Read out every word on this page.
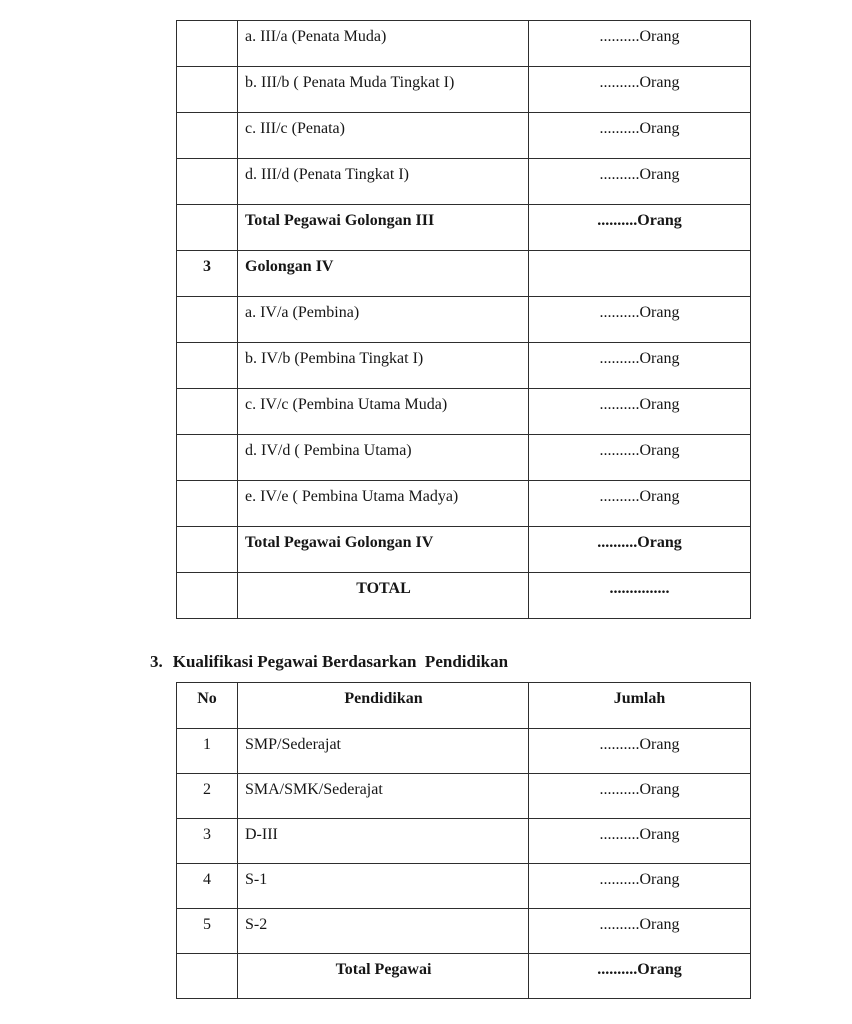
	a. III/a (Penata Muda)	..........Orang
	b. III/b ( Penata Muda Tingkat I)	..........Orang
	c. III/c (Penata)	..........Orang
	d. III/d (Penata Tingkat I)	..........Orang
	Total Pegawai Golongan III	..........Orang
3	Golongan IV	
	a. IV/a (Pembina)	..........Orang
	b. IV/b (Pembina Tingkat I)	..........Orang
	c. IV/c (Pembina Utama Muda)	..........Orang
	d. IV/d ( Pembina Utama)	..........Orang
	e. IV/e ( Pembina Utama Madya)	..........Orang
	Total Pegawai Golongan IV	..........Orang
	TOTAL	...............
3. Kualifikasi Pegawai Berdasarkan  Pendidikan
No	Pendidikan	Jumlah
1	SMP/Sederajat	..........Orang
2	SMA/SMK/Sederajat	..........Orang
3	D-III	..........Orang
4	S-1	..........Orang
5	S-2	..........Orang
	Total Pegawai	..........Orang
